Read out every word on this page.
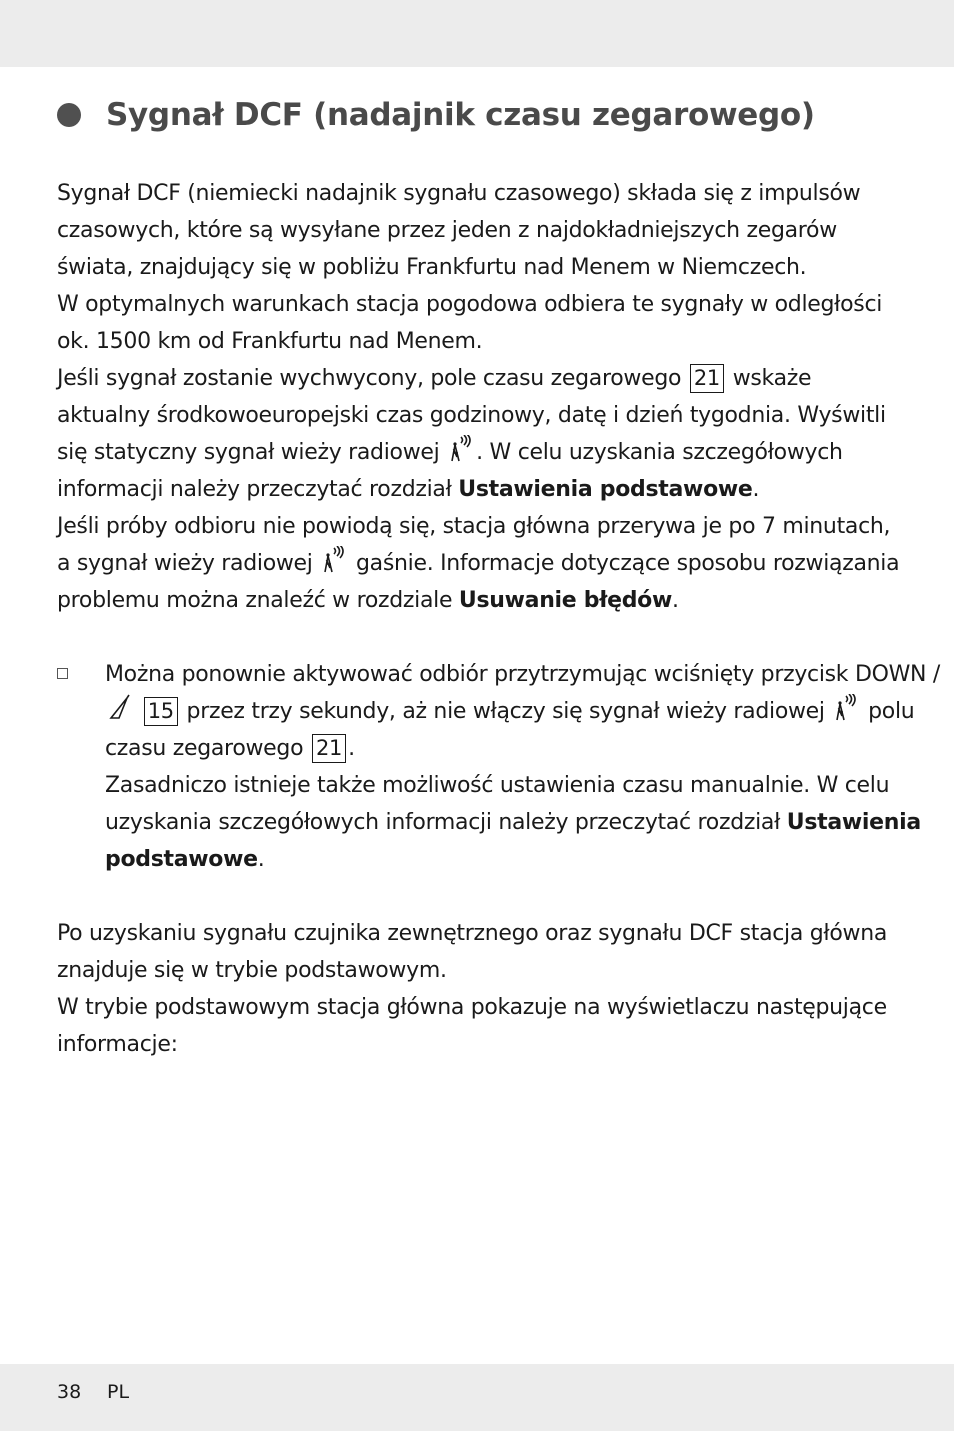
Sygnał DCF (nadajnik czasu zegarowego)

Sygnał DCF (niemiecki nadajnik sygnału czasowego) składa się z impulsów czasowych, które są wysyłane przez jeden z najdokładniejszych zegarów świata, znajdujący się w pobliżu Frankfurtu nad Menem w Niemczech.

W optymalnych warunkach stacja pogodowa odbiera te sygnały w odległości ok. 1500 km od Frankfurtu nad Menem.

Jeśli sygnał zostanie wychwycony, pole czasu zegarowego 21 wskaże aktualny środkowoeuropejski czas godzinowy, datę i dzień tygodnia. Wyświtli się statyczny sygnał wieży radiowej . W celu uzyskania szczegółowych informacji należy przeczytać rozdział Ustawienia podstawowe.

Jeśli próby odbioru nie powiodą się, stacja główna przerywa je po 7 minutach, a sygnał wieży radiowej gaśnie. Informacje dotyczące sposobu rozwiązania problemu można znaleźć w rozdziale Usuwanie błędów.

Można ponownie aktywować odbiór przytrzymując wciśnięty przycisk DOWN /  15 przez trzy sekundy, aż nie włączy się sygnał wieży radiowej polu czasu zegarowego 21 .

Zasadniczo istnieje także możliwość ustawienia czasu manualnie. W celu uzyskania szczegółowych informacji należy przeczytać rozdział Ustawienia podstawowe.

Po uzyskaniu sygnału czujnika zewnętrznego oraz sygnału DCF stacja główna znajduje się w trybie podstawowym.

W trybie podstawowym stacja główna pokazuje na wyświetlaczu następujące informacje:

38 PL
